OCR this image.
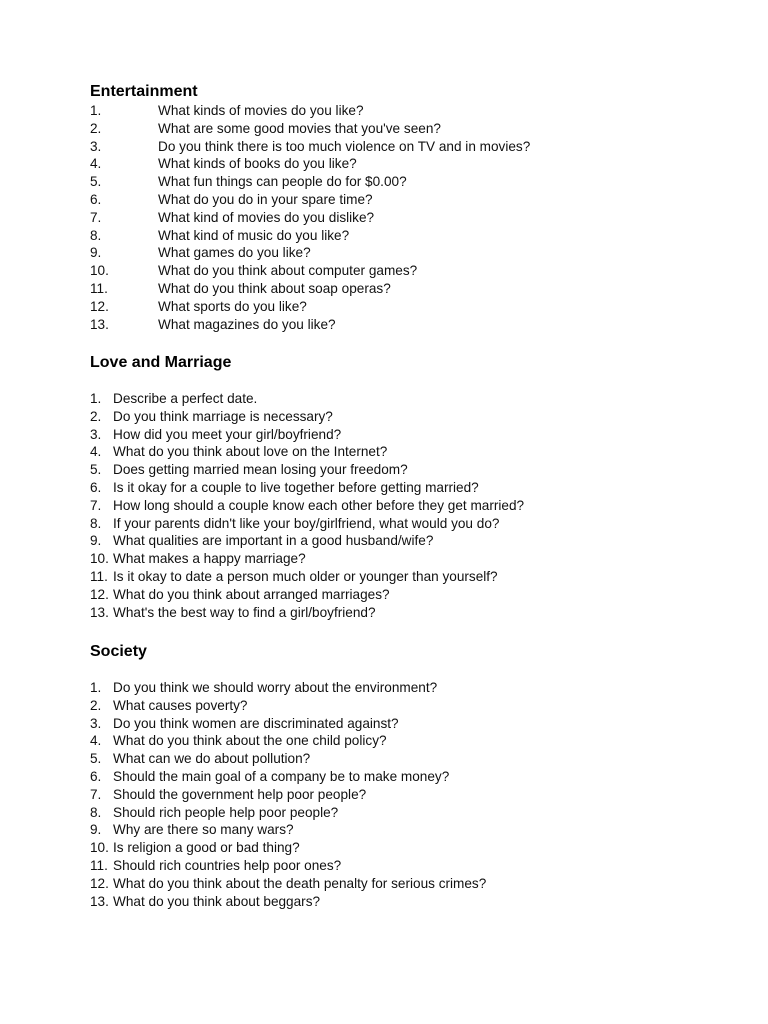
Entertainment
1.	What kinds of movies do you like?
2.	What are some good movies that you've seen?
3.	Do you think there is too much violence on TV and in movies?
4.	What kinds of books do you like?
5.	What fun things can people do for $0.00?
6.	What do you do in your spare time?
7.	What kind of movies do you dislike?
8.	What kind of music do you like?
9.	What games do you like?
10.	What do you think about computer games?
11.	What do you think about soap operas?
12.	What sports do you like?
13.	What magazines do you like?
Love and Marriage
1. Describe a perfect date.
2. Do you think marriage is necessary?
3. How did you meet your girl/boyfriend?
4. What do you think about love on the Internet?
5. Does getting married mean losing your freedom?
6. Is it okay for a couple to live together before getting married?
7. How long should a couple know each other before they get married?
8. If your parents didn't like your boy/girlfriend, what would you do?
9. What qualities are important in a good husband/wife?
10. What makes a happy marriage?
11. Is it okay to date a person much older or younger than yourself?
12. What do you think about arranged marriages?
13. What's the best way to find a girl/boyfriend?
Society
1. Do you think we should worry about the environment?
2. What causes poverty?
3. Do you think women are discriminated against?
4. What do you think about the one child policy?
5. What can we do about pollution?
6. Should the main goal of a company be to make money?
7. Should the government help poor people?
8. Should rich people help poor people?
9. Why are there so many wars?
10. Is religion a good or bad thing?
11. Should rich countries help poor ones?
12. What do you think about the death penalty for serious crimes?
13. What do you think about beggars?
